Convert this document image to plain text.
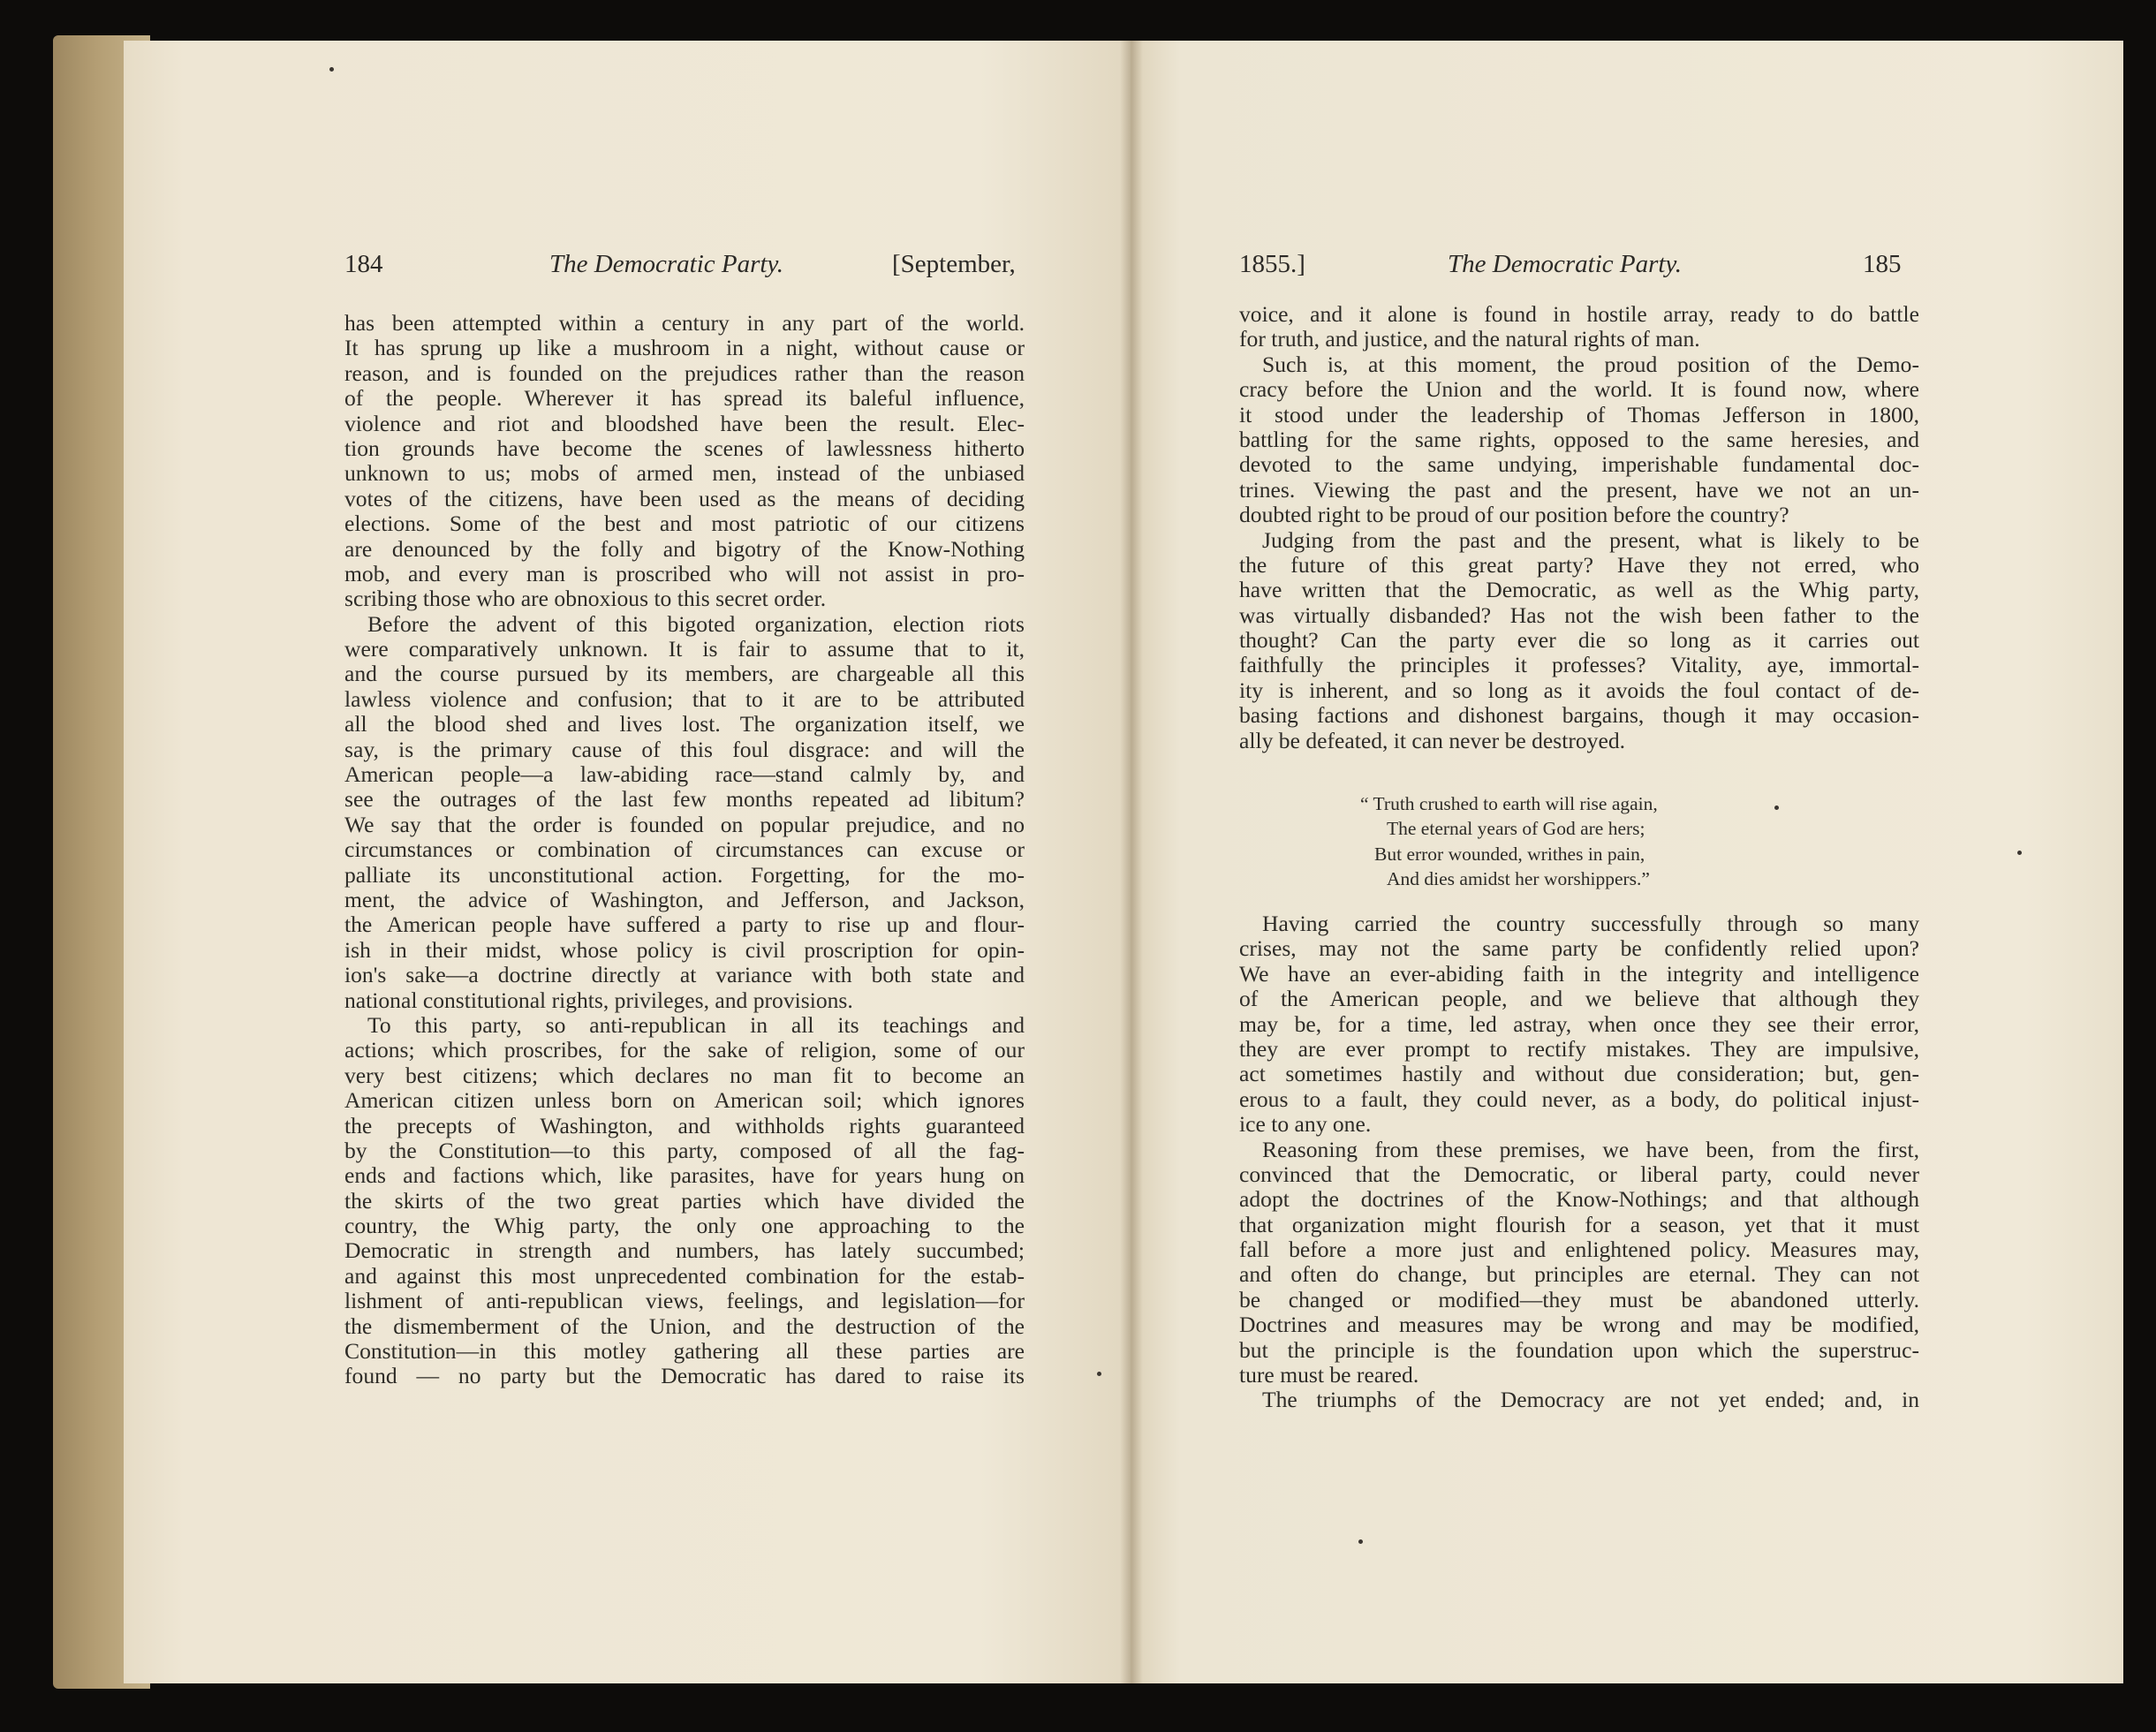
184	The Democratic Party.	[September,	1855.]	The Democratic Party.	185
has been attempted within a century in any part of the world.
It has sprung up like a mushroom in a night, without cause or
reason, and is founded on the prejudices rather than the reason
of the people. Wherever it has spread its baleful influence,
violence and riot and bloodshed have been the result. Elec-
tion grounds have become the scenes of lawlessness hitherto
unknown to us; mobs of armed men, instead of the unbiased
votes of the citizens, have been used as the means of deciding
elections. Some of the best and most patriotic of our citizens
are denounced by the folly and bigotry of the Know-Nothing
mob, and every man is proscribed who will not assist in pro-
scribing those who are obnoxious to this secret order.
Before the advent of this bigoted organization, election riots
were comparatively unknown. It is fair to assume that to it,
and the course pursued by its members, are chargeable all this
lawless violence and confusion; that to it are to be attributed
all the blood shed and lives lost. The organization itself, we
say, is the primary cause of this foul disgrace: and will the
American people—a law-abiding race—stand calmly by, and
see the outrages of the last few months repeated ad libitum?
We say that the order is founded on popular prejudice, and no
circumstances or combination of circumstances can excuse or
palliate its unconstitutional action. Forgetting, for the mo-
ment, the advice of Washington, and Jefferson, and Jackson,
the American people have suffered a party to rise up and flour-
ish in their midst, whose policy is civil proscription for opin-
ion's sake—a doctrine directly at variance with both state and
national constitutional rights, privileges, and provisions.
To this party, so anti-republican in all its teachings and
actions; which proscribes, for the sake of religion, some of our
very best citizens; which declares no man fit to become an
American citizen unless born on American soil; which ignores
the precepts of Washington, and withholds rights guaranteed
by the Constitution—to this party, composed of all the fag-
ends and factions which, like parasites, have for years hung on
the skirts of the two great parties which have divided the
country, the Whig party, the only one approaching to the
Democratic in strength and numbers, has lately succumbed;
and against this most unprecedented combination for the estab-
lishment of anti-republican views, feelings, and legislation—for
the dismemberment of the Union, and the destruction of the
Constitution—in this motley gathering all these parties are
found — no party but the Democratic has dared to raise its
voice, and it alone is found in hostile array, ready to do battle
for truth, and justice, and the natural rights of man.
Such is, at this moment, the proud position of the Demo-
cracy before the Union and the world. It is found now, where
it stood under the leadership of Thomas Jefferson in 1800,
battling for the same rights, opposed to the same heresies, and
devoted to the same undying, imperishable fundamental doc-
trines. Viewing the past and the present, have we not an un-
doubted right to be proud of our position before the country?
Judging from the past and the present, what is likely to be
the future of this great party? Have they not erred, who
have written that the Democratic, as well as the Whig party,
was virtually disbanded? Has not the wish been father to the
thought? Can the party ever die so long as it carries out
faithfully the principles it professes? Vitality, aye, immortal-
ity is inherent, and so long as it avoids the foul contact of de-
basing factions and dishonest bargains, though it may occasion-
ally be defeated, it can never be destroyed.
“ Truth crushed to earth will rise again,
The eternal years of God are hers;
But error wounded, writhes in pain,
And dies amidst her worshippers.”
Having carried the country successfully through so many
crises, may not the same party be confidently relied upon?
We have an ever-abiding faith in the integrity and intelligence
of the American people, and we believe that although they
may be, for a time, led astray, when once they see their error,
they are ever prompt to rectify mistakes. They are impulsive,
act sometimes hastily and without due consideration; but, gen-
erous to a fault, they could never, as a body, do political injust-
ice to any one.
Reasoning from these premises, we have been, from the first,
convinced that the Democratic, or liberal party, could never
adopt the doctrines of the Know-Nothings; and that although
that organization might flourish for a season, yet that it must
fall before a more just and enlightened policy. Measures may,
and often do change, but principles are eternal. They can not
be changed or modified—they must be abandoned utterly.
Doctrines and measures may be wrong and may be modified,
but the principle is the foundation upon which the superstruc-
ture must be reared.
The triumphs of the Democracy are not yet ended; and, in
